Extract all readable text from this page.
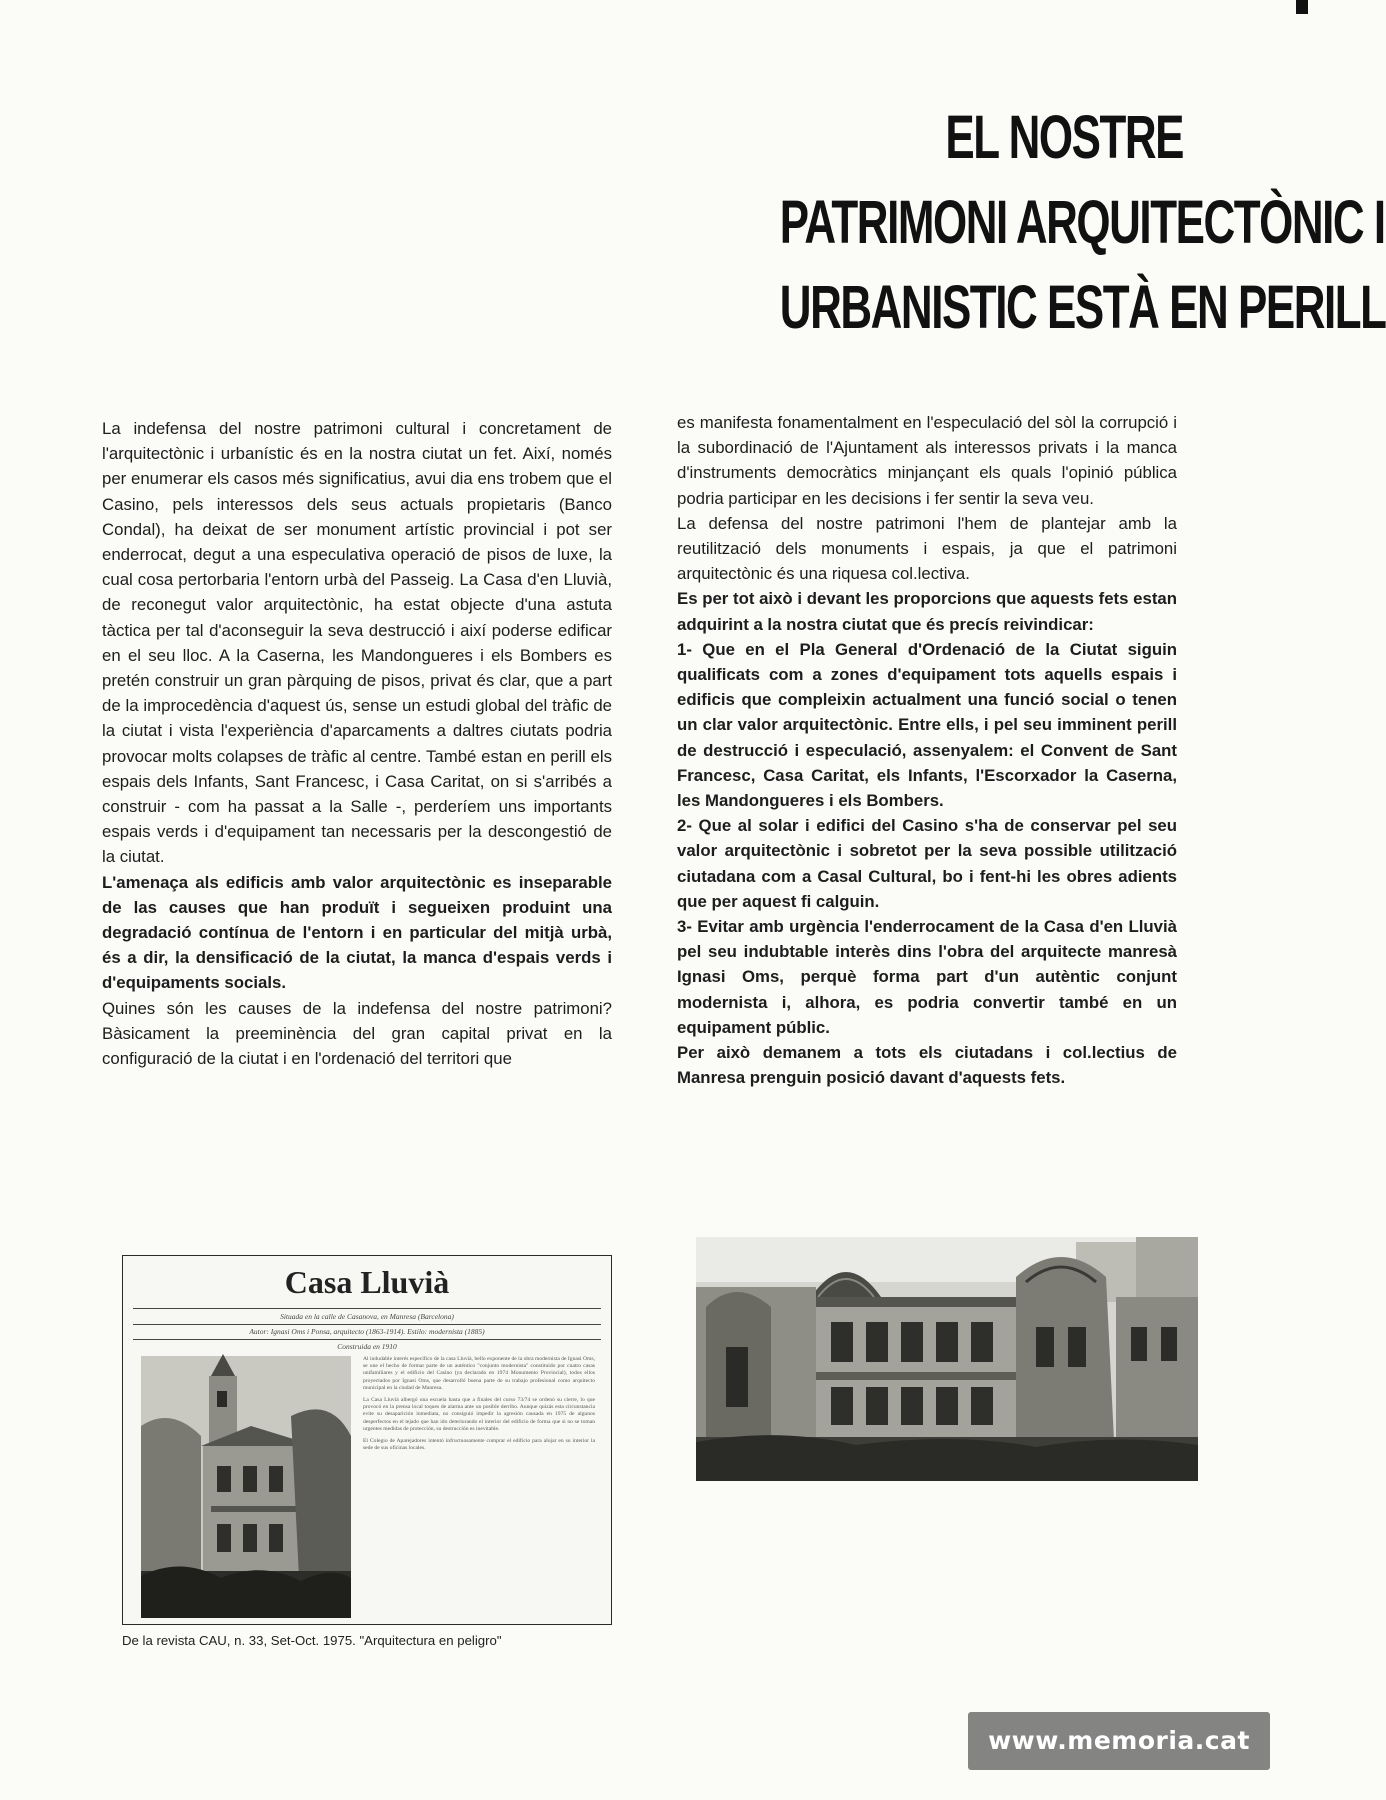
EL NOSTRE
PATRIMONI ARQUITECTÒNIC I
URBANISTIC ESTÀ EN PERILL

La indefensa del nostre patrimoni cultural i concretament de l'arquitectònic i urbanístic és en la nostra ciutat un fet. Així, només per enumerar els casos més significatius, avui dia ens trobem que el Casino, pels interessos dels seus actuals propietaris (Banco Condal), ha deixat de ser monument artístic provincial i pot ser enderrocat, degut a una especulativa operació de pisos de luxe, la cual cosa pertorbaria l'entorn urbà del Passeig. La Casa d'en Lluvià, de reconegut valor arquitectònic, ha estat objecte d'una astuta tàctica per tal d'aconseguir la seva destrucció i així poderse edificar en el seu lloc. A la Caserna, les Mandongueres i els Bombers es pretén construir un gran pàrquing de pisos, privat és clar, que a part de la improcedència d'aquest ús, sense un estudi global del tràfic de la ciutat i vista l'experiència d'aparcaments a daltres ciutats podria provocar molts colapses de tràfic al centre. També estan en perill els espais dels Infants, Sant Francesc, i Casa Caritat, on si s'arribés a construir - com ha passat a la Salle -, perderíem uns importants espais verds i d'equipament tan necessaris per la descongestió de la ciutat.

L'amenaça als edificis amb valor arquitectònic es inseparable de las causes que han produït i segueixen produint una degradació contínua de l'entorn i en particular del mitjà urbà, és a dir, la densificació de la ciutat, la manca d'espais verds i d'equipaments socials.

Quines són les causes de la indefensa del nostre patrimoni? Bàsicament la preeminència del gran capital privat en la configuració de la ciutat i en l'ordenació del territori que

es manifesta fonamentalment en l'especulació del sòl la corrupció i la subordinació de l'Ajuntament als interessos privats i la manca d'instruments democràtics minjançant els quals l'opinió pública podria participar en les decisions i fer sentir la seva veu.

La defensa del nostre patrimoni l'hem de plantejar amb la reutilització dels monuments i espais, ja que el patrimoni arquitectònic és una riquesa col.lectiva.

Es per tot això i devant les proporcions que aquests fets estan adquirint a la nostra ciutat que és precís reivindicar:

1- Que en el Pla General d'Ordenació de la Ciutat siguin qualificats com a zones d'equipament tots aquells espais i edificis que compleixin actualment una funció social o tenen un clar valor arquitectònic. Entre ells, i pel seu imminent perill de destrucció i especulació, assenyalem: el Convent de Sant Francesc, Casa Caritat, els Infants, l'Escorxador la Caserna, les Mandongueres i els Bombers.

2- Que al solar i edifici del Casino s'ha de conservar pel seu valor arquitectònic i sobretot per la seva possible utilització ciutadana com a Casal Cultural, bo i fent-hi les obres adients que per aquest fi calguin.

3- Evitar amb urgència l'enderrocament de la Casa d'en Lluvià pel seu indubtable interès dins l'obra del arquitecte manresà Ignasi Oms, perquè forma part d'un autèntic conjunt modernista i, alhora, es podria convertir també en un equipament públic.

Per això demanem a tots els ciutadans i col.lectius de Manresa prenguin posició davant d'aquests fets.

Casa Lluvià
Situada en la calle de Casanova, en Manresa (Barcelona)
Autor: Ignasi Oms i Ponsa, arquitecto (1863-1914). Estilo: modernista (1885)
Construida en 1910

Al indudable interés específico de la casa Lluvià, bello exponente de la obra modernista de Ignasi Oms, se une el hecho de formar parte de un auténtico "conjunto modernista" constituido por cuatro casas unifamiliares y el edificio del Casino (ya declarado en 1974 Monumento Provincial), todos ellos proyectados por Ignasi Oms, que desarrolló buena parte de su trabajo profesional como arquitecto municipal en la ciudad de Manresa.

La Casa Lluvià albergó una escuela hasta que a finales del curso 73/74 se ordenó su cierre, lo que provocó en la prensa local toques de alarma ante un posible derribo. Aunque quizás esta circunstancia evite su desaparición inmediata, no consiguió impedir la agresión causada en 1975 de algunos desperfectos en el tejado que han ido deteriorando el interior del edificio de forma que si no se toman urgentes medidas de protección, su destrucción es inevitable.

El Colegio de Aparejadores intentó infructuosamente comprar el edificio para alojar en su interior la sede de sus oficinas locales.

De la revista CAU, n. 33, Set-Oct. 1975. "Arquitectura en peligro"
www.memoria.cat
